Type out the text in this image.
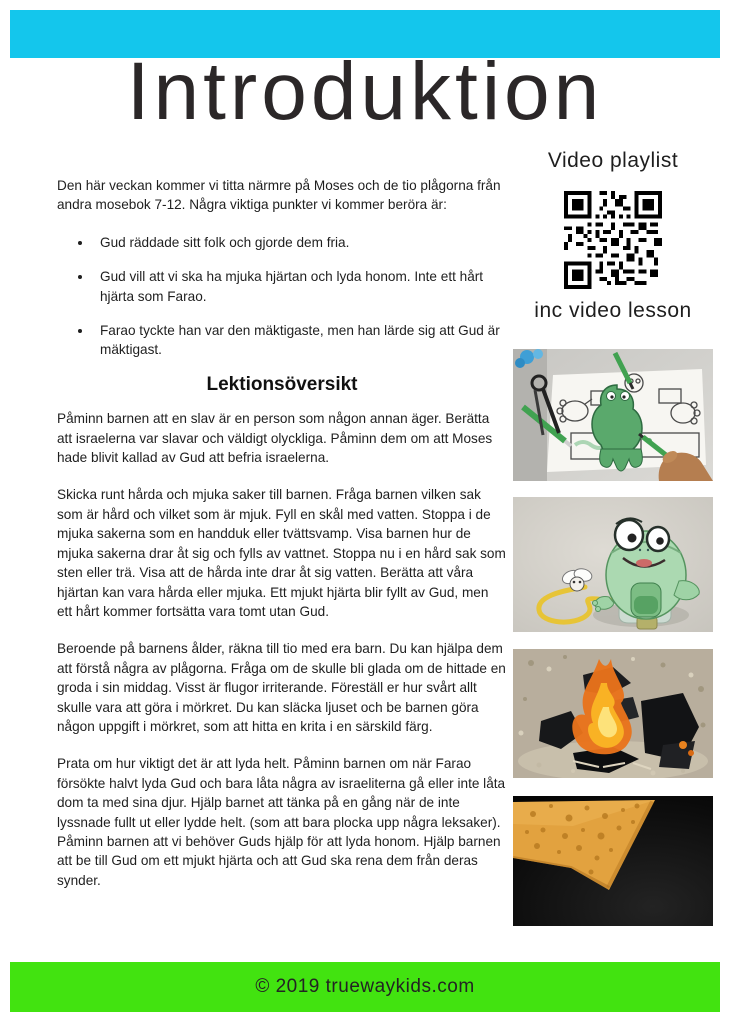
Introduktion

Den här veckan kommer vi titta närmre på Moses och de tio plågorna från andra mosebok 7-12. Några viktiga punkter vi kommer beröra är:

• Gud räddade sitt folk och gjorde dem fria.
• Gud vill att vi ska ha mjuka hjärtan och lyda honom. Inte ett hårt hjärta som Farao.
• Farao tyckte han var den mäktigaste, men han lärde sig att Gud är mäktigast.
Lektionsöversikt

Påminn barnen att en slav är en person som någon annan äger. Berätta att israelerna var slavar och väldigt olyckliga. Påminn dem om att Moses hade blivit kallad av Gud att befria israelerna.

Skicka runt hårda och mjuka saker till barnen. Fråga barnen vilken sak som är hård och vilket som är mjuk. Fyll en skål med vatten. Stoppa i de mjuka sakerna som en handduk eller tvättsvamp. Visa barnen hur de mjuka sakerna drar åt sig och fylls av vattnet. Stoppa nu i en hård sak som sten eller trä. Visa att de hårda inte drar åt sig vatten. Berätta att våra hjärtan kan vara hårda eller mjuka. Ett mjukt hjärta blir fyllt av Gud, men ett hårt kommer fortsätta vara tomt utan Gud.

Beroende på barnens ålder, räkna till tio med era barn. Du kan hjälpa dem att förstå några av plågorna. Fråga om de skulle bli glada om de hittade en groda i sin middag. Visst är flugor irriterande. Föreställ er hur svårt allt skulle vara att göra i mörkret. Du kan släcka ljuset och be barnen göra någon uppgift i mörkret, som att hitta en krita i en särskild färg.

Prata om hur viktigt det är att lyda helt. Påminn barnen om när Farao försökte halvt lyda Gud och bara låta några av israeliterna gå eller inte låta dom ta med sina djur. Hjälp barnet att tänka på en gång när de inte lyssnade fullt ut eller lydde helt. (som att bara plocka upp några leksaker). Påminn barnen att vi behöver Guds hjälp för att lyda honom. Hjälp barnen att be till Gud om ett mjukt hjärta och att Gud ska rena dem från deras synder.

Video playlist
inc video lesson
© 2019 truewaykids.com
